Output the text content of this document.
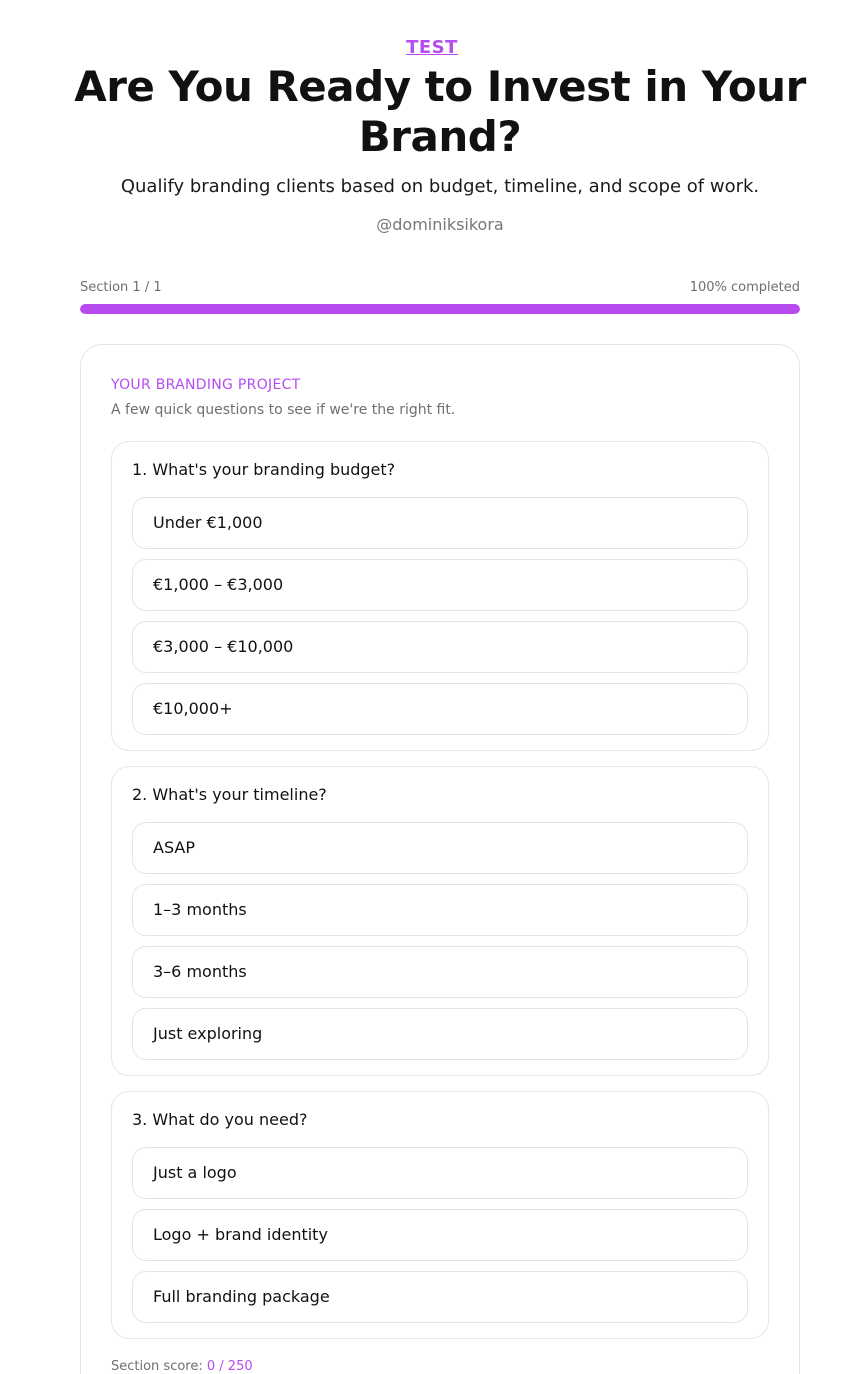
TEST
Are You Ready to Invest in Your Brand?

Qualify branding clients based on budget, timeline, and scope of work.

@dominiksikora

Section 1 / 1	100% completed
YOUR BRANDING PROJECT
A few quick questions to see if we're the right fit.
1. What's your branding budget?
Under €1,000
€1,000 – €3,000
€3,000 – €10,000
€10,000+
2. What's your timeline?
ASAP
1–3 months
3–6 months
Just exploring
3. What do you need?
Just a logo
Logo + brand identity
Full branding package
Section score: 0 / 250
